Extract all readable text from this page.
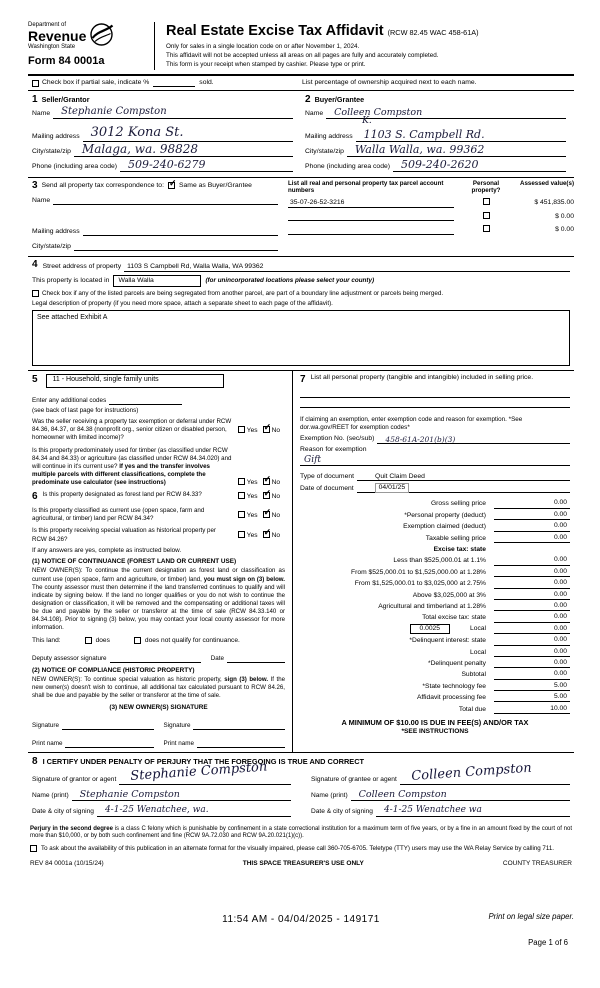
Department of
Revenue
Washington State
Form 84 0001a
Real Estate Excise Tax Affidavit (RCW 82.45 WAC 458-61A)
Only for sales in a single location code on or after November 1, 2024.
This affidavit will not be accepted unless all areas on all pages are fully and accurately completed.
This form is your receipt when stamped by cashier. Please type or print.
Check box if partial sale, indicate %	sold.	List percentage of ownership acquired next to each name.
1 Seller/Grantor
Name	Stephanie Compston
Mailing address 3012 Kona St.
City/state/zip Malaga, wa. 98828
Phone (including area code) 509-240-6279
2 Buyer/Grantee
Name	Colleen Compston
K.
Mailing address 1103 S. Campbell Rd.
City/state/zip Walla Walla, wa. 99362
Phone (including area code) 509-240-2620
3 Send all property tax correspondence to: ✓ Same as Buyer/Grantee
Name
Mailing address
City/state/zip
List all real and personal property tax parcel account numbers
Personal property?
Assessed value(s)
35-07-26-52-3216	$ 451,835.00
$ 0.00
$ 0.00
4 Street address of property 1103 S Campbell Rd, Walla Walla, WA 99362
This property is located in	Walla Walla	(for unincorporated locations please select your county)
Check box if any of the listed parcels are being segregated from another parcel, are part of a boundary line adjustment or parcels being merged.
Legal description of property (if you need more space, attach a separate sheet to each page of the affidavit).
See attached Exhibit A
5	11 - Household, single family units
Enter any additional codes
(see back of last page for instructions)
Was the seller receiving a property tax exemption or deferral under RCW 84.36, 84.37, or 84.38 (nonprofit org., senior citizen or disabled person, homeowner with limited income)?
Yes ✓ No
Is this property predominately used for timber (as classified under RCW 84.34 and 84.33) or agriculture (as classified under RCW 84.34.020) and will continue in it's current use? If yes and the transfer involves multiple parcels with different classifications, complete the predominate use calculator (see instructions)	Yes ✓ No
6 Is this property designated as forest land per RCW 84.33?	Yes ✓ No
Is this property classified as current use (open space, farm and agricultural, or timber) land per RCW 84.34?
Yes ✓ No
Is this property receiving special valuation as historical property per RCW 84.26?
Yes ✓ No
If any answers are yes, complete as instructed below.
(1) NOTICE OF CONTINUANCE (FOREST LAND OR CURRENT USE)
NEW OWNER(S): To continue the current designation as forest land or classification as current use (open space, farm and agriculture, or timber) land, you must sign on (3) below. The county assessor must then determine if the land transferred continues to qualify and will indicate by signing below. If the land no longer qualifies or you do not wish to continue the designation or classification, it will be removed and the compensating or additional taxes will be due and payable by the seller or transferor at the time of sale (RCW 84.33.140 or 84.34.108). Prior to signing (3) below, you may contact your local county assessor for more information.
This land:	does	does not qualify for continuance.
Deputy assessor signature	Date
(2) NOTICE OF COMPLIANCE (HISTORIC PROPERTY)
NEW OWNER(S): To continue special valuation as historic property, sign (3) below. If the new owner(s) doesn't wish to continue, all additional tax calculated pursuant to RCW 84.26, shall be due and payable by the seller or transferor at the time of sale.
(3) NEW OWNER(S) SIGNATURE
Signature	Signature
Print name	Print name
7 List all personal property (tangible and intangible) included in selling price.
If claiming an exemption, enter exemption code and reason for exemption. *See dor.wa.gov/REET for exemption codes*
Exemption No. (sec/sub)	458-61A-201(b)(3)
Reason for exemption
Gift
Type of document	Quit Claim Deed
Date of document	04/01/25
Gross selling price	0.00
*Personal property (deduct)	0.00
Exemption claimed (deduct)	0.00
Taxable selling price	0.00
Excise tax: state
Less than $525,000.01 at 1.1%	0.00
From $525,000.01 to $1,525,000.00 at 1.28%	0.00
From $1,525,000.01 to $3,025,000 at 2.75%	0.00
Above $3,025,000 at 3%	0.00
Agricultural and timberland at 1.28%	0.00
Total excise tax: state	0.00
0.0025	Local	0.00
*Delinquent interest: state	0.00
Local	0.00
*Delinquent penalty	0.00
Subtotal	0.00
*State technology fee	5.00
Affidavit processing fee	5.00
Total due	10.00
A MINIMUM OF $10.00 IS DUE IN FEE(S) AND/OR TAX
*SEE INSTRUCTIONS
8 I CERTIFY UNDER PENALTY OF PERJURY THAT THE FOREGOING IS TRUE AND CORRECT
Signature of grantor or agent Stephanie Compston
Name (print)	Stephanie Compston
Date & city of signing	4-1-25 Wenatchee, wa.
Signature of grantee or agent Colleen Compston
Name (print)	Colleen Compston
Date & city of signing	4-1-25 Wenatchee wa
Perjury in the second degree is a class C felony which is punishable by confinement in a state correctional institution for a maximum term of five years, or by a fine in an amount fixed by the court of not more than $10,000, or by both such confinement and fine (RCW 9A.72.030 and RCW 9A.20.021(1)(c)).
To ask about the availability of this publication in an alternate format for the visually impaired, please call 360-705-6705. Teletype (TTY) users may use the WA Relay Service by calling 711.
REV 84 0001a (10/15/24)	THIS SPACE TREASURER'S USE ONLY	COUNTY TREASURER
11:54 AM - 04/04/2025 - 149171	Print on legal size paper.
Page 1 of 6
